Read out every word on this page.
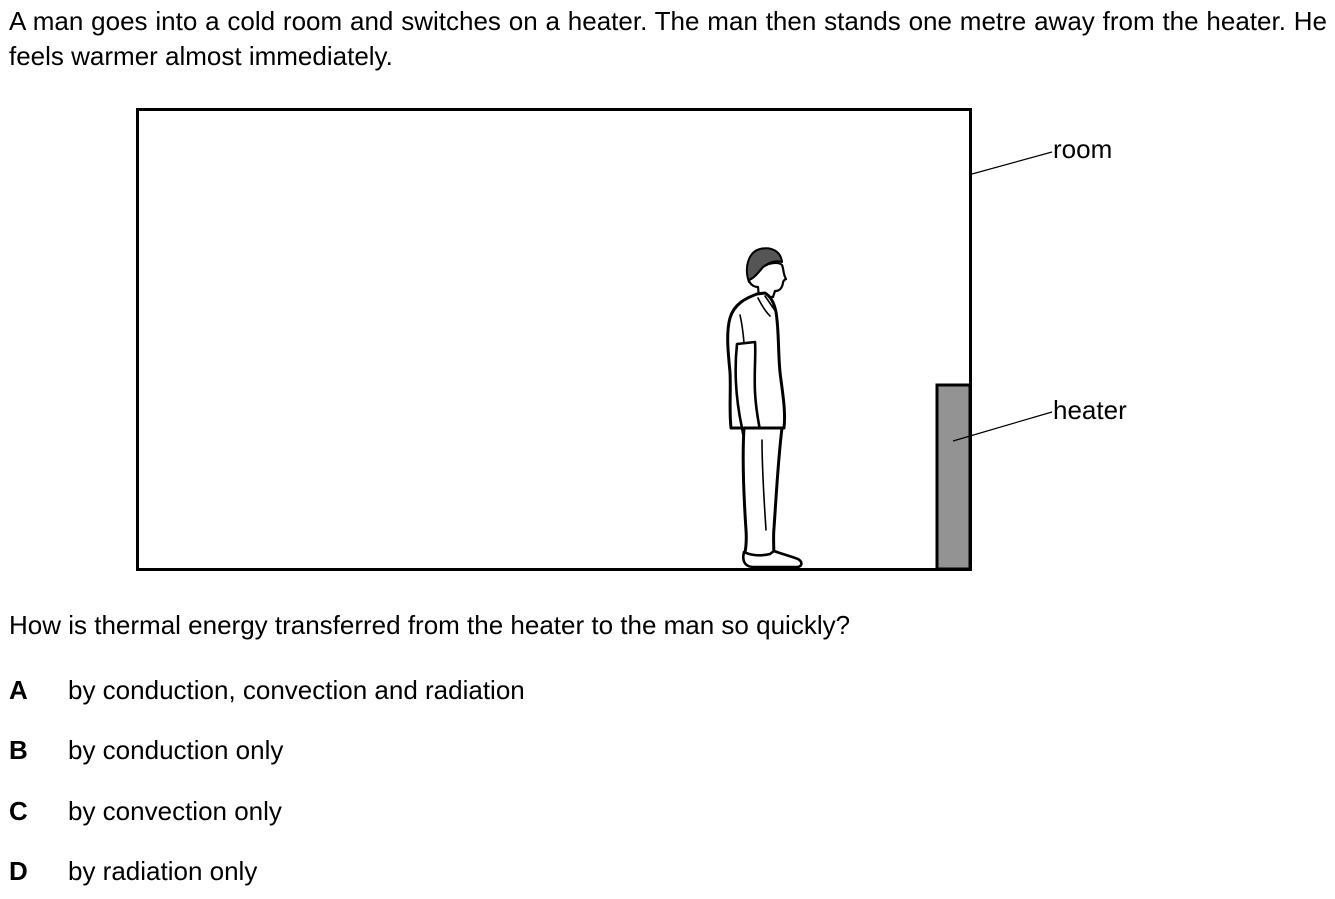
A man goes into a cold room and switches on a heater. The man then stands one metre away from the heater. He feels warmer almost immediately.

room
heater

How is thermal energy transferred from the heater to the man so quickly?

A	by conduction, convection and radiation
B	by conduction only
C	by convection only
D	by radiation only
